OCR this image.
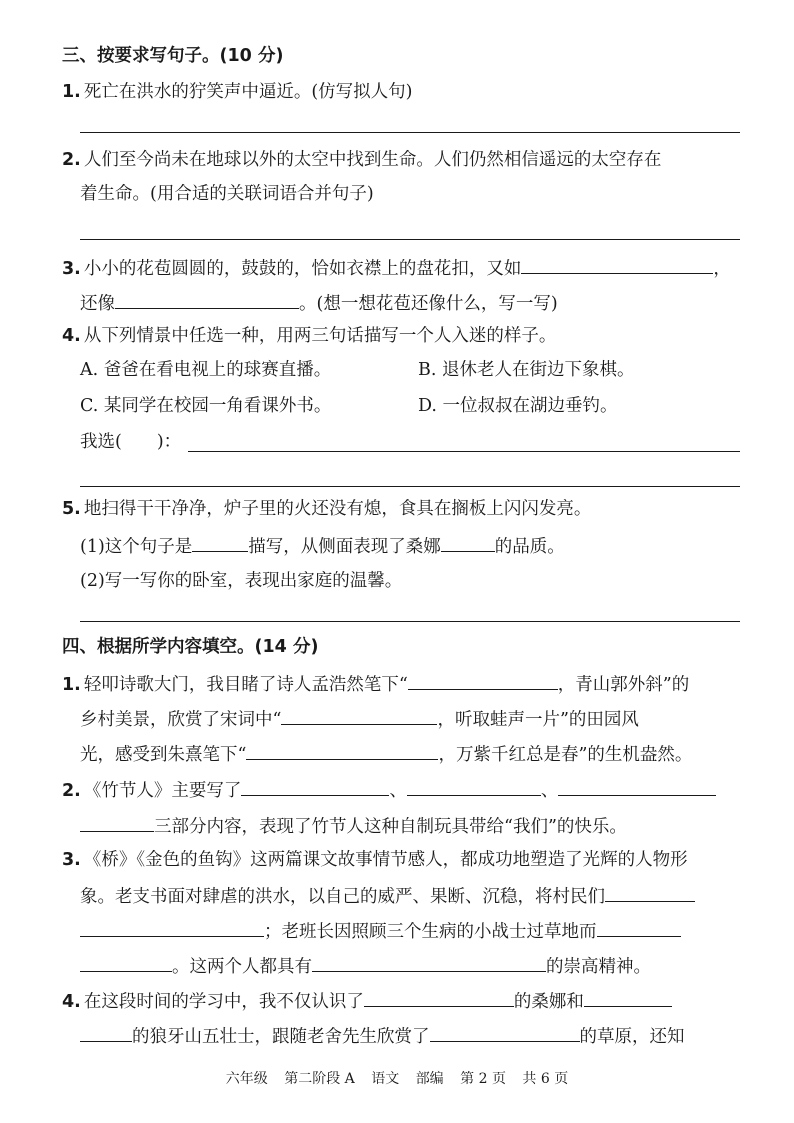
三、按要求写句子。(10 分)
1. 死亡在洪水的狞笑声中逼近。(仿写拟人句)
2. 人们至今尚未在地球以外的太空中找到生命。人们仍然相信遥远的太空存在
着生命。(用合适的关联词语合并句子)
3. 小小的花苞圆圆的，鼓鼓的，恰如衣襟上的盘花扣，又如	，
还像	。(想一想花苞还像什么，写一写)
4. 从下列情景中任选一种，用两三句话描写一个人入迷的样子。
A. 爸爸在看电视上的球赛直播。	B. 退休老人在街边下象棋。
C. 某同学在校园一角看课外书。	D. 一位叔叔在湖边垂钓。
我选(　　)：
5. 地扫得干干净净，炉子里的火还没有熄，食具在搁板上闪闪发亮。
(1)这个句子是	描写，从侧面表现了桑娜	的品质。
(2)写一写你的卧室，表现出家庭的温馨。
四、根据所学内容填空。(14 分)
1. 轻叩诗歌大门，我目睹了诗人孟浩然笔下“	，青山郭外斜”的
乡村美景，欣赏了宋词中“	，听取蛙声一片”的田园风
光，感受到朱熹笔下“	，万紫千红总是春”的生机盎然。
2. 《竹节人》主要写了	、	、
三部分内容，表现了竹节人这种自制玩具带给“我们”的快乐。
3. 《桥》《金色的鱼钩》这两篇课文故事情节感人，都成功地塑造了光辉的人物形
象。老支书面对肆虐的洪水，以自己的威严、果断、沉稳，将村民们
；老班长因照顾三个生病的小战士过草地而
。这两个人都具有	的崇高精神。
4. 在这段时间的学习中，我不仅认识了	的桑娜和
的狼牙山五壮士，跟随老舍先生欣赏了	的草原，还知
六年级 第二阶段 A 语文 部编 第 2 页 共 6 页
